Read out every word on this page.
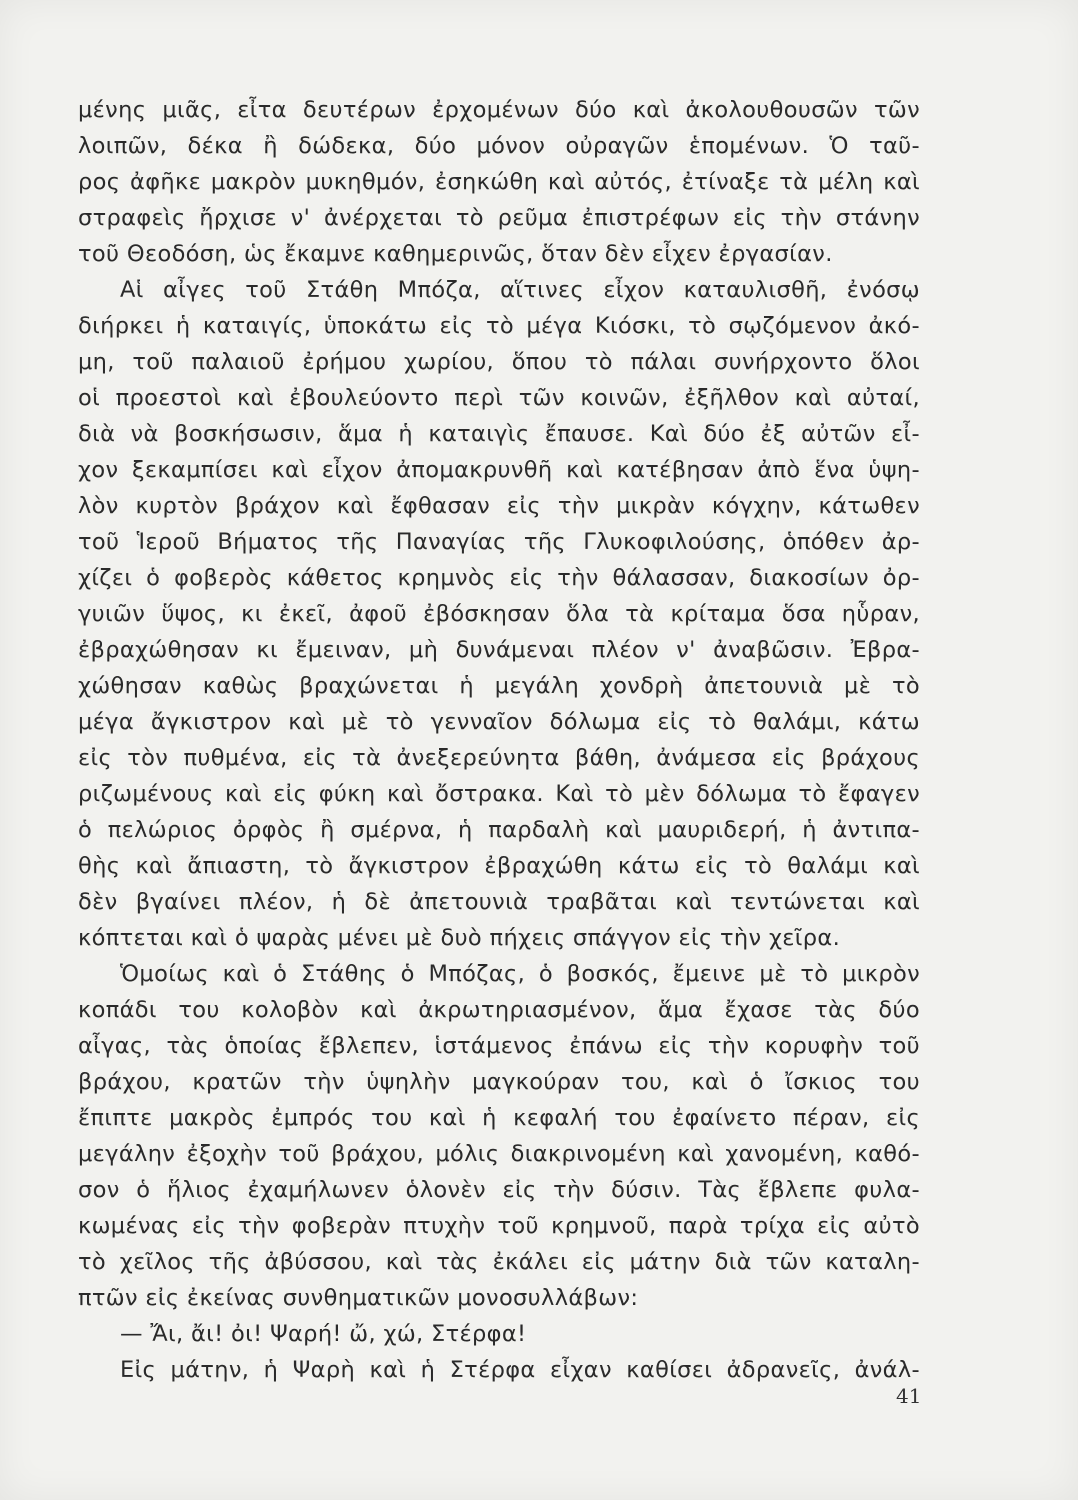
μένης μιᾶς, εἶτα δευτέρων ἐρχομένων δύο καὶ ἀκολουθουσῶν τῶν
λοιπῶν, δέκα ἢ δώδεκα, δύο μόνον οὐραγῶν ἑπομένων. Ὁ ταῦ-
ρος ἀφῆκε μακρὸν μυκηθμόν, ἐσηκώθη καὶ αὐτός, ἐτίναξε τὰ μέλη καὶ
στραφεὶς ἤρχισε ν' ἀνέρχεται τὸ ρεῦμα ἐπιστρέφων εἰς τὴν στάνην
τοῦ Θεοδόση, ὡς ἔκαμνε καθημερινῶς, ὅταν δὲν εἶχεν ἐργασίαν.
Αἱ αἶγες τοῦ Στάθη Μπόζα, αἵτινες εἶχον καταυλισθῆ, ἐνόσῳ
διήρκει ἡ καταιγίς, ὑποκάτω εἰς τὸ μέγα Κιόσκι, τὸ σῳζόμενον ἀκό-
μη, τοῦ παλαιοῦ ἐρήμου χωρίου, ὅπου τὸ πάλαι συνήρχοντο ὅλοι
οἱ προεστοὶ καὶ ἐβουλεύοντο περὶ τῶν κοινῶν, ἐξῆλθον καὶ αὐταί,
διὰ νὰ βοσκήσωσιν, ἅμα ἡ καταιγὶς ἔπαυσε. Καὶ δύο ἐξ αὐτῶν εἶ-
χον ξεκαμπίσει καὶ εἶχον ἀπομακρυνθῆ καὶ κατέβησαν ἀπὸ ἕνα ὑψη-
λὸν κυρτὸν βράχον καὶ ἔφθασαν εἰς τὴν μικρὰν κόγχην, κάτωθεν
τοῦ Ἱεροῦ Βήματος τῆς Παναγίας τῆς Γλυκοφιλούσης, ὁπόθεν ἀρ-
χίζει ὁ φοβερὸς κάθετος κρημνὸς εἰς τὴν θάλασσαν, διακοσίων ὀρ-
γυιῶν ὕψος, κι ἐκεῖ, ἀφοῦ ἐβόσκησαν ὅλα τὰ κρίταμα ὅσα ηὗραν,
ἐβραχώθησαν κι ἔμειναν, μὴ δυνάμεναι πλέον ν' ἀναβῶσιν. Ἐβρα-
χώθησαν καθὼς βραχώνεται ἡ μεγάλη χονδρὴ ἀπετουνιὰ μὲ τὸ
μέγα ἄγκιστρον καὶ μὲ τὸ γενναῖον δόλωμα εἰς τὸ θαλάμι, κάτω
εἰς τὸν πυθμένα, εἰς τὰ ἀνεξερεύνητα βάθη, ἀνάμεσα εἰς βράχους
ριζωμένους καὶ εἰς φύκη καὶ ὄστρακα. Καὶ τὸ μὲν δόλωμα τὸ ἔφαγεν
ὁ πελώριος ὀρφὸς ἢ σμέρνα, ἡ παρδαλὴ καὶ μαυριδερή, ἡ ἀντιπα-
θὴς καὶ ἄπιαστη, τὸ ἄγκιστρον ἐβραχώθη κάτω εἰς τὸ θαλάμι καὶ
δὲν βγαίνει πλέον, ἡ δὲ ἀπετουνιὰ τραβᾶται καὶ τεντώνεται καὶ
κόπτεται καὶ ὁ ψαρὰς μένει μὲ δυὸ πήχεις σπάγγον εἰς τὴν χεῖρα.
Ὁμοίως καὶ ὁ Στάθης ὁ Μπόζας, ὁ βοσκός, ἔμεινε μὲ τὸ μικρὸν
κοπάδι του κολοβὸν καὶ ἀκρωτηριασμένον, ἅμα ἔχασε τὰς δύο
αἶγας, τὰς ὁποίας ἔβλεπεν, ἱστάμενος ἐπάνω εἰς τὴν κορυφὴν τοῦ
βράχου, κρατῶν τὴν ὑψηλὴν μαγκούραν του, καὶ ὁ ἴσκιος του
ἔπιπτε μακρὸς ἐμπρός του καὶ ἡ κεφαλή του ἐφαίνετο πέραν, εἰς
μεγάλην ἐξοχὴν τοῦ βράχου, μόλις διακρινομένη καὶ χανομένη, καθό-
σον ὁ ἥλιος ἐχαμήλωνεν ὁλονὲν εἰς τὴν δύσιν. Τὰς ἔβλεπε φυλα-
κωμένας εἰς τὴν φοβερὰν πτυχὴν τοῦ κρημνοῦ, παρὰ τρίχα εἰς αὐτὸ
τὸ χεῖλος τῆς ἀβύσσου, καὶ τὰς ἐκάλει εἰς μάτην διὰ τῶν καταλη-
πτῶν εἰς ἐκείνας συνθηματικῶν μονοσυλλάβων:
— Ἄι, ἄι! ὀι! Ψαρή! ὤ, χώ, Στέρφα!
Εἰς μάτην, ἡ Ψαρὴ καὶ ἡ Στέρφα εἶχαν καθίσει ἀδρανεῖς, ἀνάλ-
41
